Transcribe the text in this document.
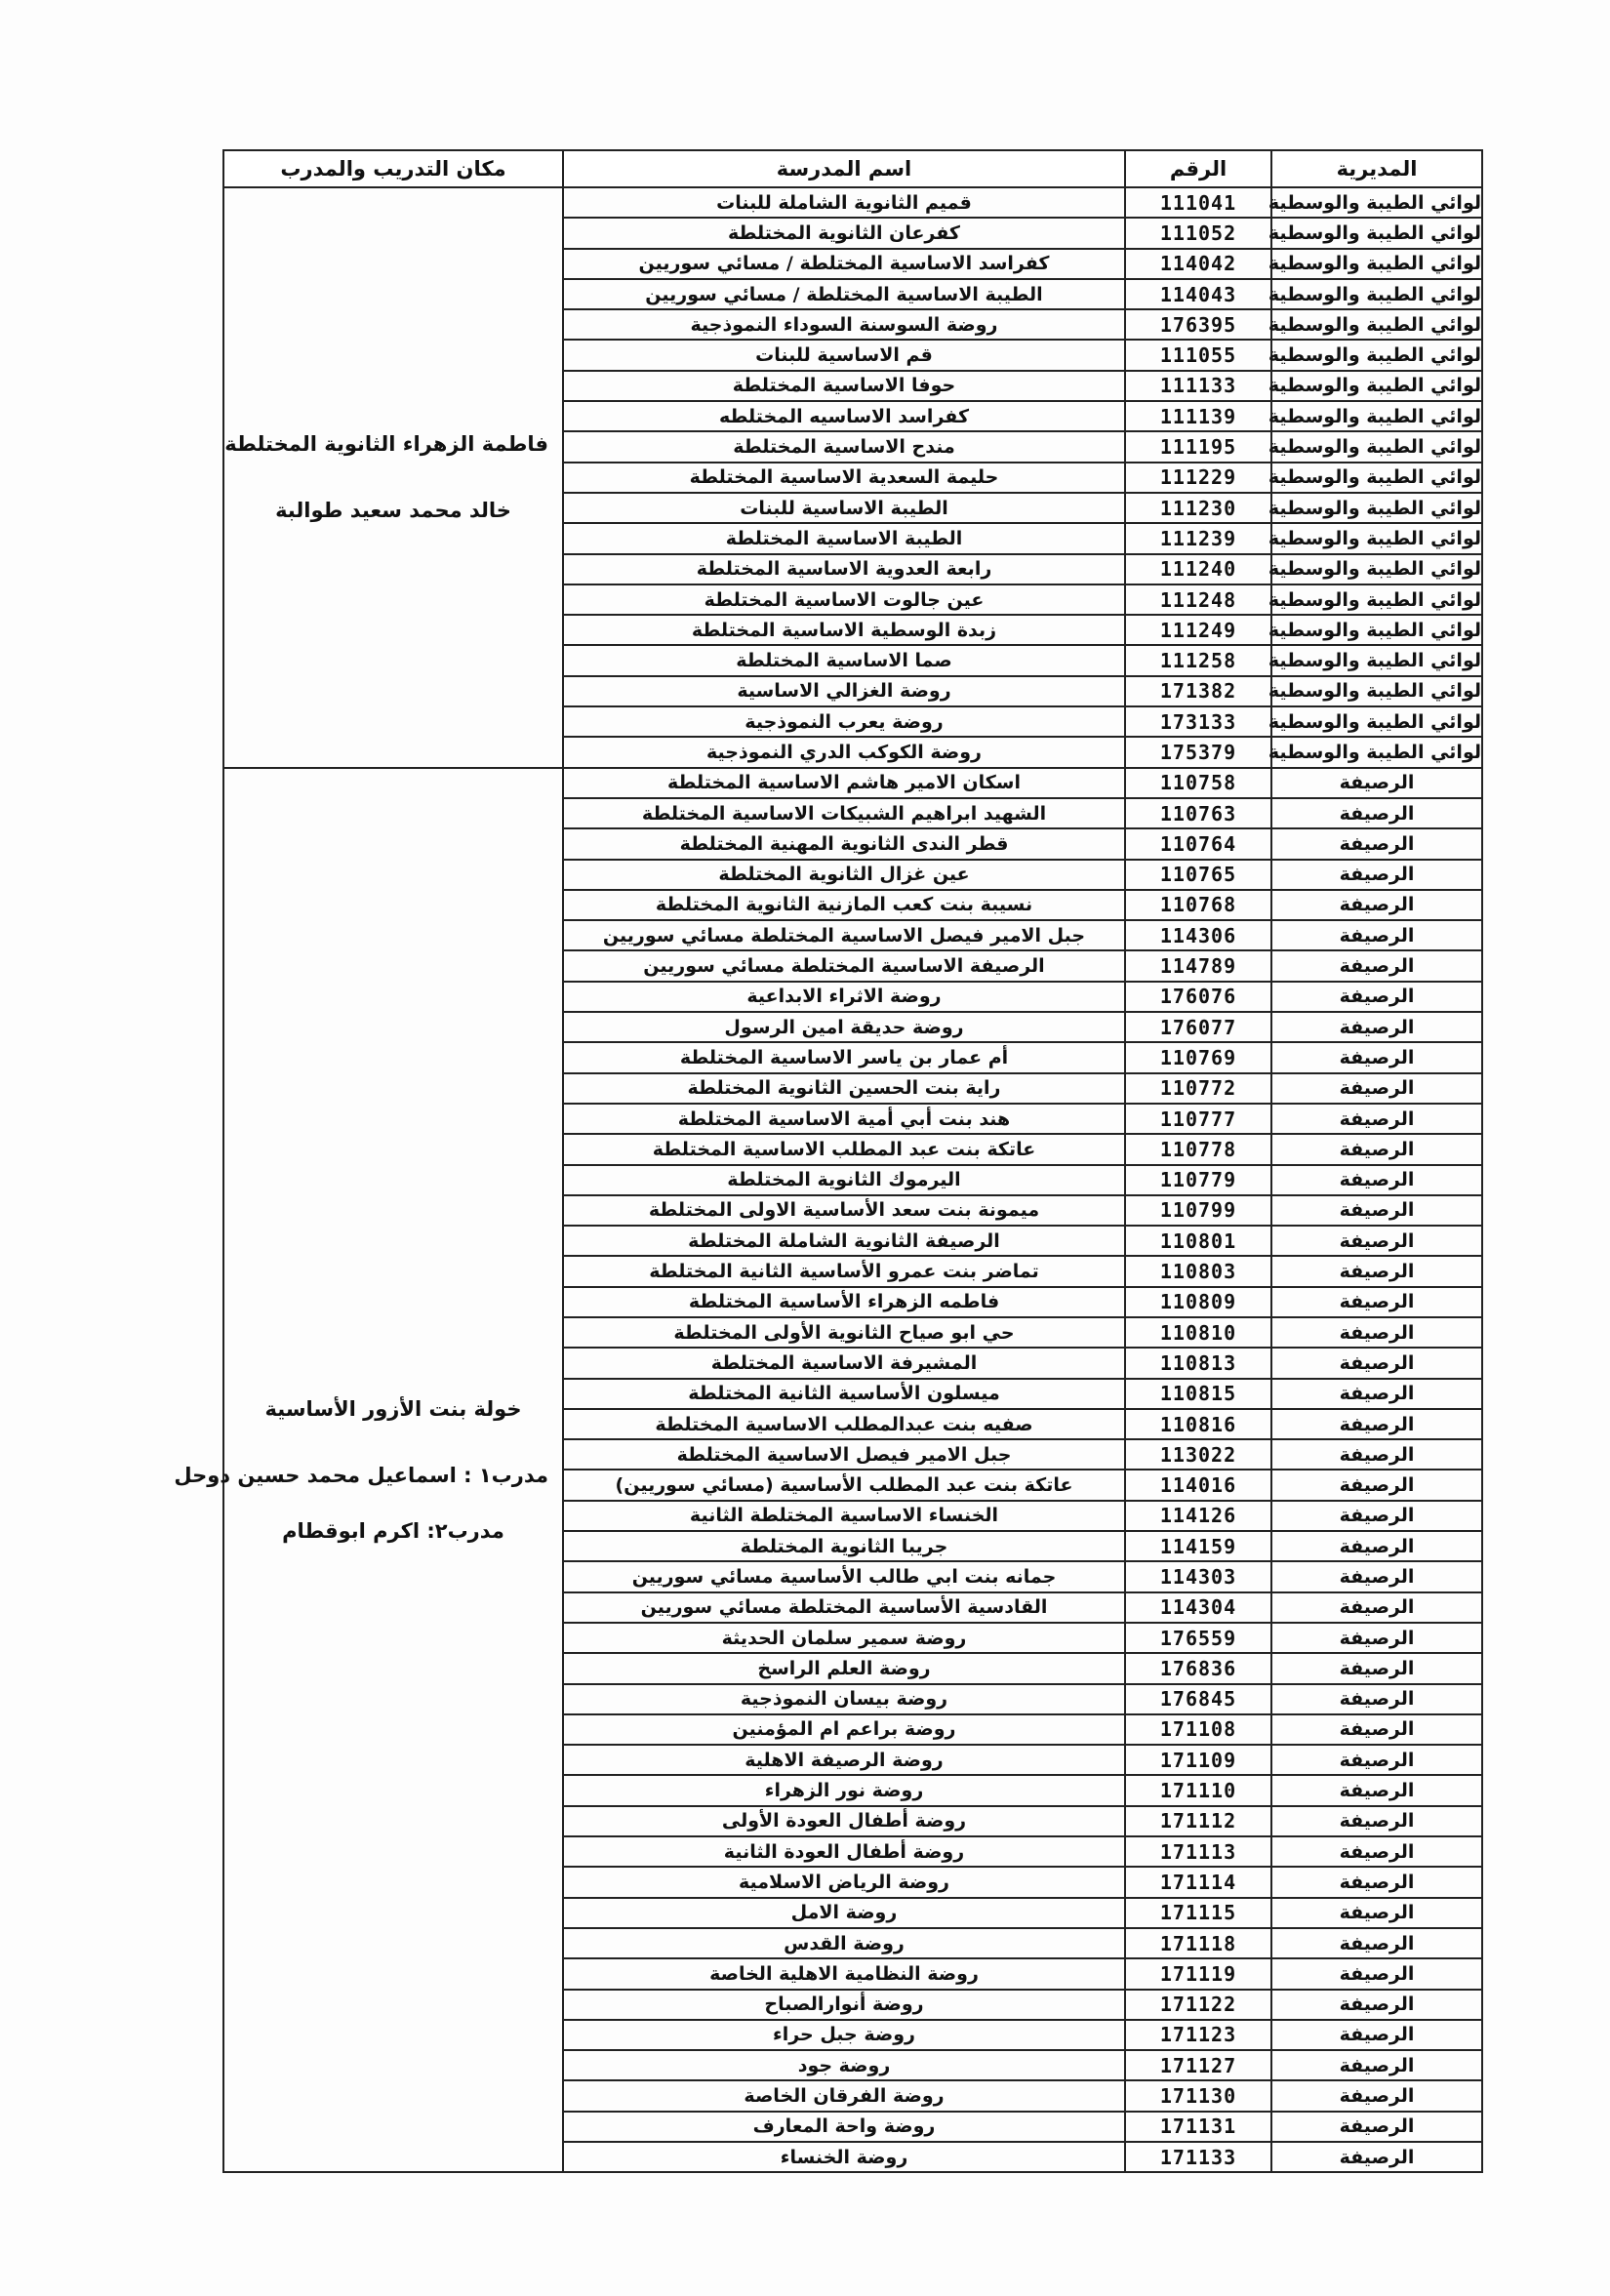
مكان التدريب والمدرب	اسم المدرسة	الرقم	المديرية

فاطمة الزهراء الثانوية المختلطة
خالد محمد سعيد طوالبة	قميم الثانوية الشاملة للبنات	111041	لوائي الطيبة والوسطية
	كفرعان الثانوية المختلطة	111052	لوائي الطيبة والوسطية
	كفراسد الاساسية المختلطة / مسائي سوريين	114042	لوائي الطيبة والوسطية
	الطيبة الاساسية المختلطة / مسائي سوريين	114043	لوائي الطيبة والوسطية
	روضة السوسنة السوداء النموذجية	176395	لوائي الطيبة والوسطية
	قم الاساسية للبنات	111055	لوائي الطيبة والوسطية
	حوفا الاساسية المختلطة	111133	لوائي الطيبة والوسطية
	كفراسد الاساسيه المختلطه	111139	لوائي الطيبة والوسطية
	مندح الاساسية المختلطة	111195	لوائي الطيبة والوسطية
	حليمة السعدية الاساسية المختلطة	111229	لوائي الطيبة والوسطية
	الطيبة الاساسية للبنات	111230	لوائي الطيبة والوسطية
	الطيبة الاساسية المختلطة	111239	لوائي الطيبة والوسطية
	رابعة العدوية الاساسية المختلطة	111240	لوائي الطيبة والوسطية
	عين جالوت الاساسية المختلطة	111248	لوائي الطيبة والوسطية
	زبدة الوسطية الاساسية المختلطة	111249	لوائي الطيبة والوسطية
	صما الاساسية المختلطة	111258	لوائي الطيبة والوسطية
	روضة الغزالي الاساسية	171382	لوائي الطيبة والوسطية
	روضة يعرب النموذجية	173133	لوائي الطيبة والوسطية
	روضة الكوكب الدري النموذجية	175379	لوائي الطيبة والوسطية

خولة بنت الأزور الأساسية
مدرب١ : اسماعيل محمد حسين دوحل
مدرب٢: اكرم ابوقطام	اسكان الامير هاشم الاساسية المختلطة	110758	الرصيفة
	الشهيد ابراهيم الشبيكات الاساسية المختلطة	110763	الرصيفة
	قطر الندى الثانوية المهنية المختلطة	110764	الرصيفة
	عين غزال الثانوية المختلطة	110765	الرصيفة
	نسيبة بنت كعب المازنية الثانوية المختلطة	110768	الرصيفة
	جبل الامير فيصل الاساسية المختلطة مسائي سوريين	114306	الرصيفة
	الرصيفة الاساسية المختلطة مسائي سوريين	114789	الرصيفة
	روضة الاثراء الابداعية	176076	الرصيفة
	روضة حديقة امين الرسول	176077	الرصيفة
	أم عمار بن ياسر الاساسية المختلطة	110769	الرصيفة
	راية بنت الحسين الثانوية المختلطة	110772	الرصيفة
	هند بنت أبي أمية الاساسية المختلطة	110777	الرصيفة
	عاتكة بنت عبد المطلب الاساسية المختلطة	110778	الرصيفة
	اليرموك الثانوية المختلطة	110779	الرصيفة
	ميمونة بنت سعد الأساسية الاولى المختلطة	110799	الرصيفة
	الرصيفة الثانوية الشاملة المختلطة	110801	الرصيفة
	تماضر بنت عمرو الأساسية الثانية المختلطة	110803	الرصيفة
	فاطمه الزهراء الأساسية المختلطة	110809	الرصيفة
	حي ابو صياح الثانوية الأولى المختلطة	110810	الرصيفة
	المشيرفة الاساسية المختلطة	110813	الرصيفة
	ميسلون الأساسية الثانية المختلطة	110815	الرصيفة
	صفيه بنت عبدالمطلب الاساسية المختلطة	110816	الرصيفة
	جبل الامير فيصل الاساسية المختلطة	113022	الرصيفة
	عاتكة بنت عبد المطلب الأساسية (مسائي سوريين)	114016	الرصيفة
	الخنساء الاساسية المختلطة الثانية	114126	الرصيفة
	جريبا الثانوية المختلطة	114159	الرصيفة
	جمانه بنت ابي طالب الأساسية مسائي سوريين	114303	الرصيفة
	القادسية الأساسية المختلطة مسائي سوريين	114304	الرصيفة
	روضة سمير سلمان الحديثة	176559	الرصيفة
	روضة العلم الراسخ	176836	الرصيفة
	روضة بيسان النموذجية	176845	الرصيفة
	روضة براعم ام المؤمنين	171108	الرصيفة
	روضة الرصيفة الاهلية	171109	الرصيفة
	روضة نور الزهراء	171110	الرصيفة
	روضة أطفال العودة الأولى	171112	الرصيفة
	روضة أطفال العودة الثانية	171113	الرصيفة
	روضة الرياض الاسلامية	171114	الرصيفة
	روضة الامل	171115	الرصيفة
	روضة القدس	171118	الرصيفة
	روضة النظامية الاهلية الخاصة	171119	الرصيفة
	روضة أنوارالصباح	171122	الرصيفة
	روضة جبل حراء	171123	الرصيفة
	روضة جود	171127	الرصيفة
	روضة الفرقان الخاصة	171130	الرصيفة
	روضة واحة المعارف	171131	الرصيفة
	روضة الخنساء	171133	الرصيفة
